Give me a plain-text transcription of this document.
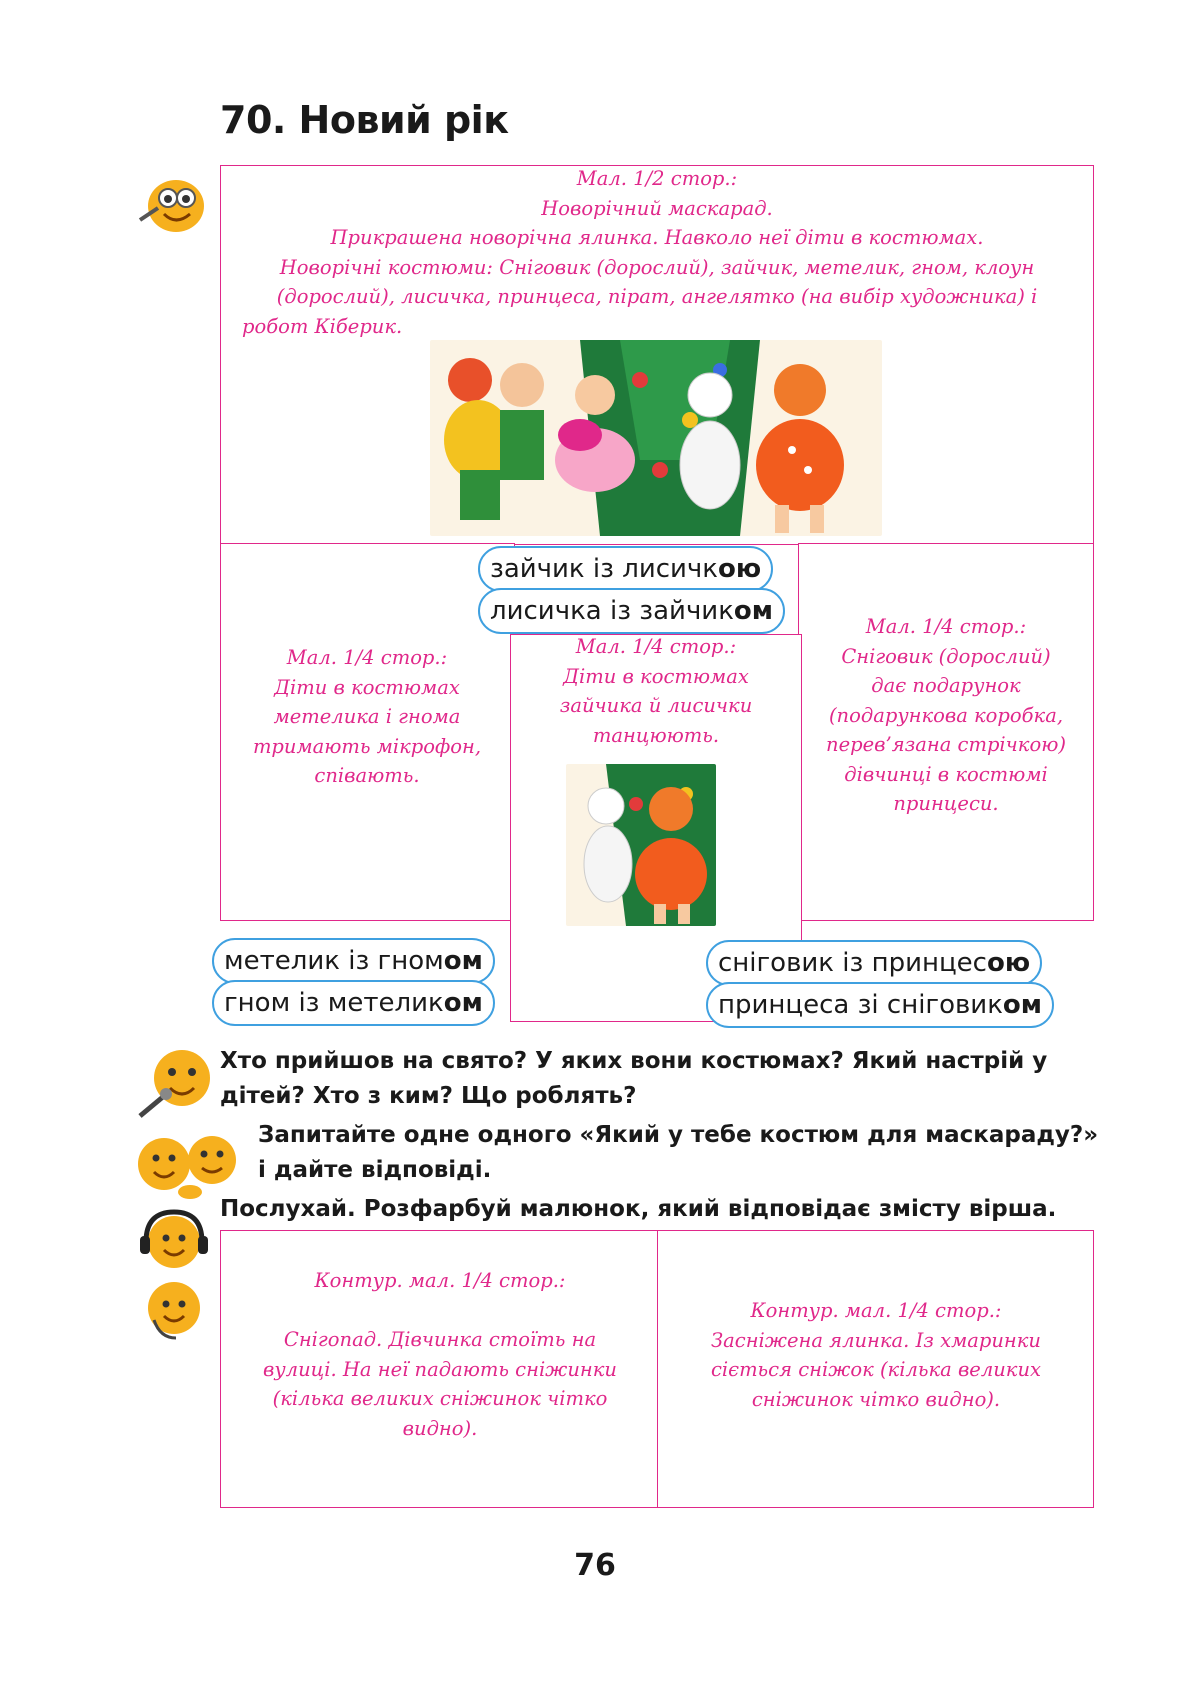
70. Новий рік
Мал. 1/2 стор.:
Новорічний маскарад.
Прикрашена новорічна ялинка. Навколо неї діти в костюмах.
Новорічні костюми: Сніговик (дорослий), зайчик, метелик, гном, клоун
(дорослий), лисичка, принцеса, пірат, ангелятко (на вибір художника) і
робот Кіберик.
Мал. 1/4 стор.:
Діти в костюмах
метелика і гнома
тримають мікрофон,
співають.
Мал. 1/4 стор.:
Діти в костюмах
зайчика й лисички
танцюють.
Мал. 1/4 стор.:
Сніговик (дорослий)
дає подарунок
(подарункова коробка,
перев’язана стрічкою)
дівчинці в костюмі
принцеси.
зайчик із лисичкою
лисичка із зайчиком
метелик із гномом
гном із метеликом
сніговик із принцесою
принцеса зі сніговиком
Хто прийшов на свято? У яких вони костюмах? Який настрій у
дітей? Хто з ким? Що роблять?
Запитайте одне одного «Який у тебе костюм для маскараду?»
і дайте відповіді.
Послухай. Розфарбуй малюнок, який відповідає змісту вірша.
Контур. мал. 1/4 стор.:
Снігопад. Дівчинка стоїть на
вулиці. На неї падають сніжинки
(кілька великих сніжинок чітко
видно).
Контур. мал. 1/4 стор.:
Засніжена ялинка. Із хмаринки
сіється сніжок (кілька великих
сніжинок чітко видно).
76
